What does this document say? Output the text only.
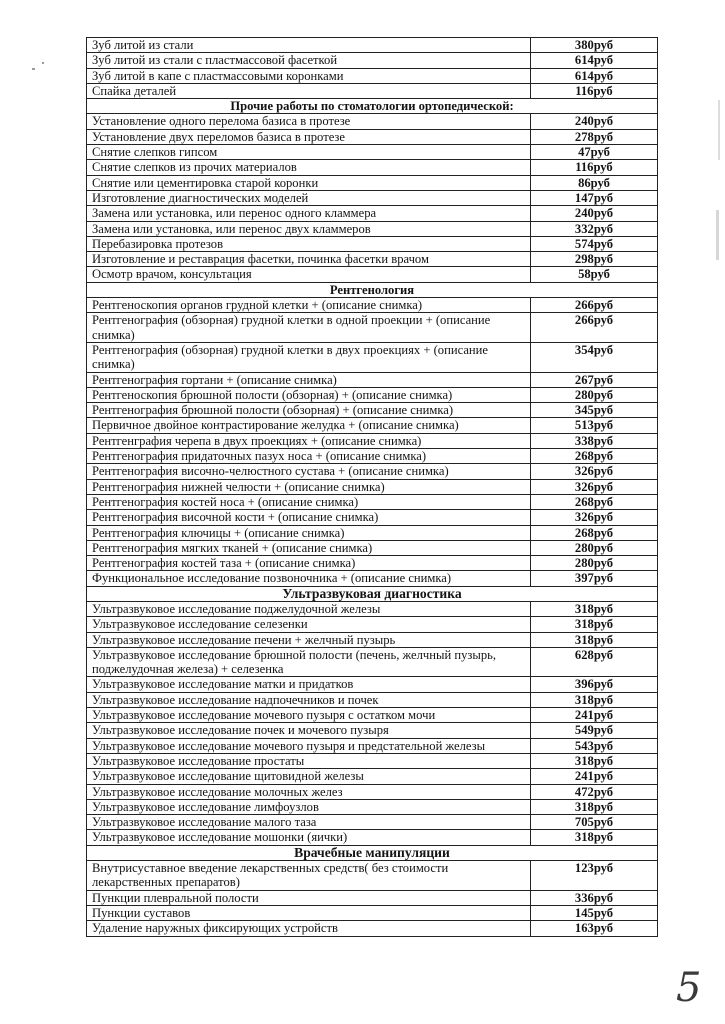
Зуб литой из стали	380руб
Зуб литой из стали с пластмассовой фасеткой	614руб
Зуб литой в капе с пластмассовыми коронками	614руб
Спайка деталей	116руб
Прочие работы по стоматологии ортопедической:	
Установление одного перелома базиса в протезе	240руб
Установление двух переломов базиса в протезе	278руб
Снятие слепков гипсом	47руб
Снятие слепков из прочих материалов	116руб
Снятие или цементировка старой коронки	86руб
Изготовление диагностических моделей	147руб
Замена или установка, или перенос одного кламмера	240руб
Замена или установка, или перенос двух кламмеров	332руб
Перебазировка протезов	574руб
Изготовление и реставрация фасетки, починка фасетки врачом	298руб
Осмотр врачом, консультация	58руб
Рентгенология	
Рентгеноскопия органов грудной клетки + (описание снимка)	266руб
Рентгенография (обзорная) грудной клетки в одной проекции + (описание снимка)	266руб
Рентгенография (обзорная) грудной клетки в двух проекциях + (описание снимка)	354руб
Рентгенография гортани + (описание снимка)	267руб
Рентгеноскопия брюшной полости (обзорная) + (описание снимка)	280руб
Рентгенография брюшной полости (обзорная) + (описание снимка)	345руб
Первичное двойное контрастирование желудка + (описание снимка)	513руб
Рентгенграфия черепа в двух проекциях + (описание снимка)	338руб
Рентгенография придаточных пазух носа + (описание снимка)	268руб
Рентгенография височно-челюстного сустава + (описание снимка)	326руб
Рентгенография нижней челюсти + (описание снимка)	326руб
Рентгенография костей носа + (описание снимка)	268руб
Рентгенография височной кости + (описание снимка)	326руб
Рентгенография ключицы + (описание снимка)	268руб
Рентгенография мягких тканей + (описание снимка)	280руб
Рентгенография костей таза + (описание снимка)	280руб
Функциональное исследование позвоночника + (описание снимка)	397руб
Ультразвуковая диагностика	
Ультразвуковое исследование поджелудочной железы	318руб
Ультразвуковое исследование селезенки	318руб
Ультразвуковое исследование печени + желчный пузырь	318руб
Ультразвуковое исследование брюшной полости (печень, желчный пузырь, поджелудочная железа) + селезенка	628руб
Ультразвуковое исследование матки и придатков	396руб
Ультразвуковое исследование надпочечников и почек	318руб
Ультразвуковое исследование мочевого пузыря с остатком мочи	241руб
Ультразвуковое исследование почек и мочевого пузыря	549руб
Ультразвуковое исследование мочевого пузыря и предстательной железы	543руб
Ультразвуковое исследование простаты	318руб
Ультразвуковое исследование щитовидной железы	241руб
Ультразвуковое исследование молочных желез	472руб
Ультразвуковое исследование лимфоузлов	318руб
Ультразвуковое исследование малого таза	705руб
Ультразвуковое исследование мошонки (яички)	318руб
Врачебные манипуляции	
Внутрисуставное введение лекарственных средств( без стоимости лекарственных препаратов)	123руб
Пункции плевральной полости	336руб
Пункции суставов	145руб
Удаление наружных фиксирующих устройств	163руб
5
